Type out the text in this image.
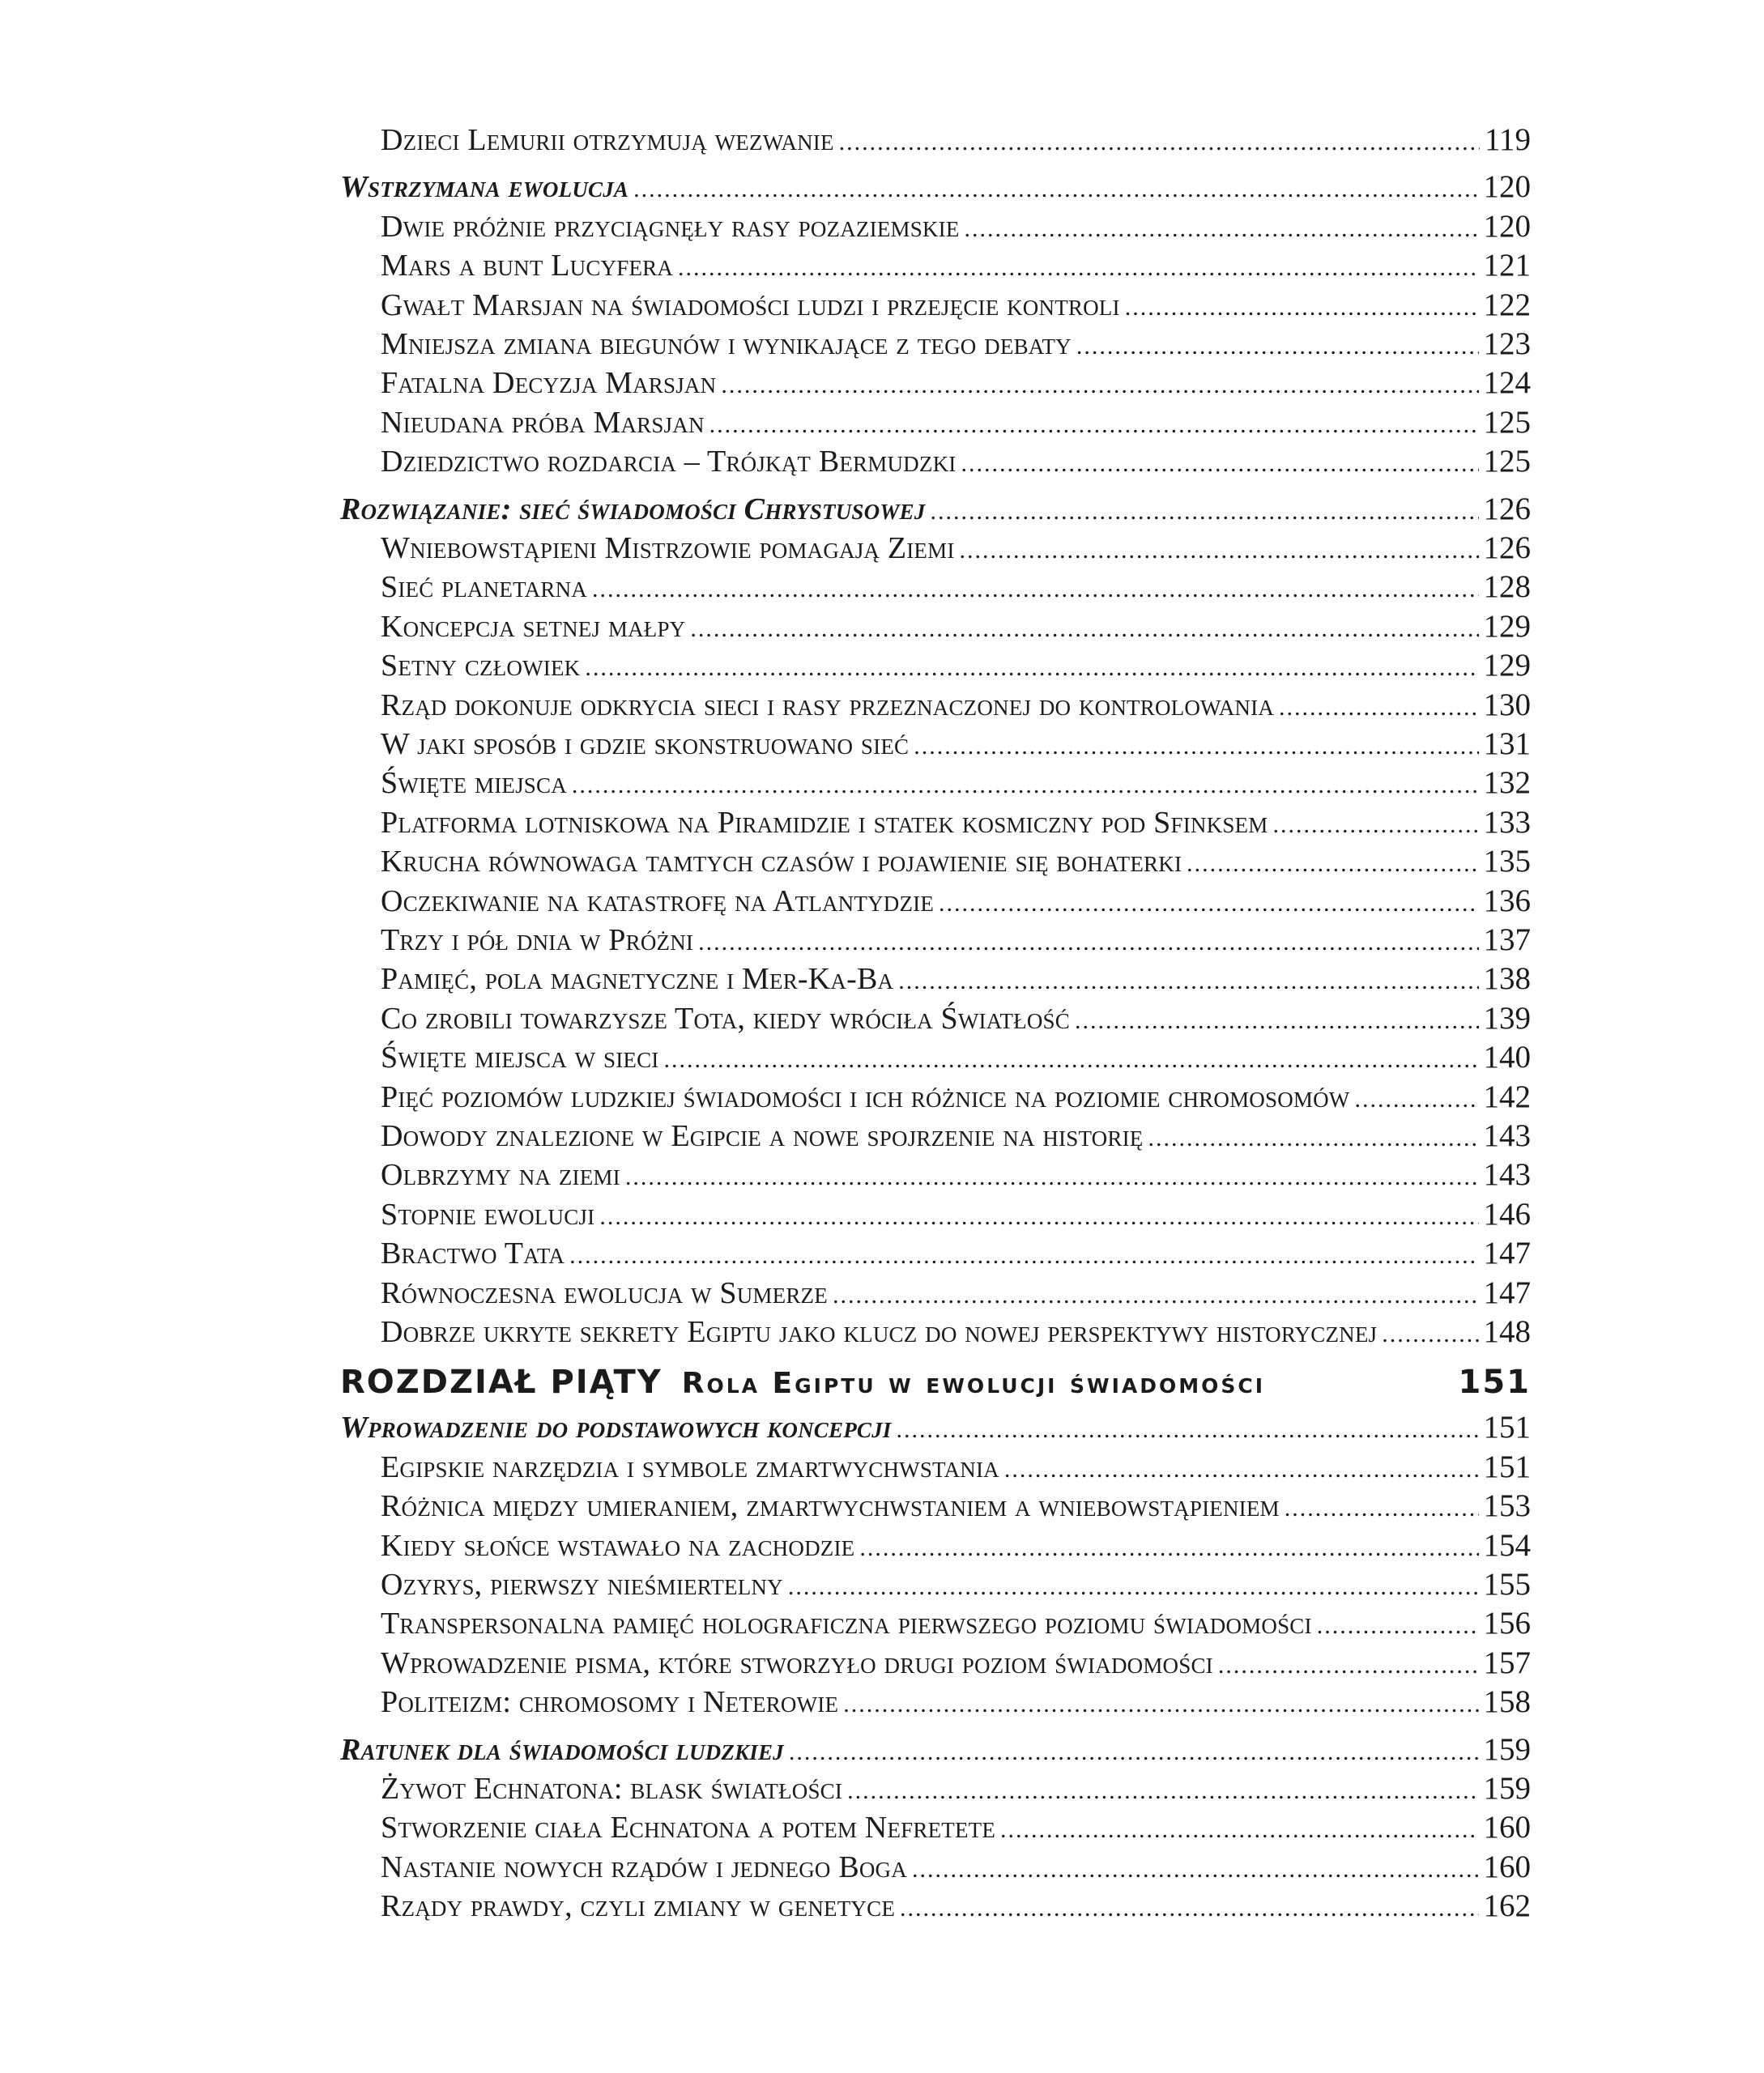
ROZDZIAŁ PIĄTY Rola Egiptu w ewolucji świadomości	151
Dzieci Lemurii otrzymują wezwanie .....	119
Wstrzymana ewolucja .....	120
Dwie próżnie przyciągnęły rasy pozaziemskie .....	120
Mars a bunt Lucyfera .....	121
Gwałt Marsjan na świadomości ludzi i przejęcie kontroli .....	122
Mniejsza zmiana biegunów i wynikające z tego debaty .....	123
Fatalna Decyzja Marsjan .....	124
Nieudana próba Marsjan .....	125
Dziedzictwo rozdarcia – Trójkąt Bermudzki .....	125
Rozwiązanie: sieć świadomości Chrystusowej .....	126
Wniebowstąpieni Mistrzowie pomagają Ziemi .....	126
Sieć planetarna .....	128
Koncepcja setnej małpy .....	129
Setny człowiek .....	129
Rząd dokonuje odkrycia sieci i rasy przeznaczonej do kontrolowania .....	130
W jaki sposób i gdzie skonstruowano sieć .....	131
Święte miejsca .....	132
Platforma lotniskowa na Piramidzie i statek kosmiczny pod Sfinksem .....	133
Krucha równowaga tamtych czasów i pojawienie się bohaterki .....	135
Oczekiwanie na katastrofę na Atlantydzie .....	136
Trzy i pół dnia w Próżni .....	137
Pamięć, pola magnetyczne i Mer-Ka-Ba .....	138
Co zrobili towarzysze Tota, kiedy wróciła Światłość .....	139
Święte miejsca w sieci .....	140
Pięć poziomów ludzkiej świadomości i ich różnice na poziomie chromosomów .....	142
Dowody znalezione w Egipcie a nowe spojrzenie na historię .....	143
Olbrzymy na ziemi .....	143
Stopnie ewolucji .....	146
Bractwo Tata .....	147
Równoczesna ewolucja w Sumerze .....	147
Dobrze ukryte sekrety Egiptu jako klucz do nowej perspektywy historycznej .....	148
Wprowadzenie do podstawowych koncepcji .....	151
Egipskie narzędzia i symbole zmartwychwstania .....	151
Różnica między umieraniem, zmartwychwstaniem a wniebowstąpieniem .....	153
Kiedy słońce wstawało na zachodzie .....	154
Ozyrys, pierwszy nieśmiertelny .....	155
Transpersonalna pamięć holograficzna pierwszego poziomu świadomości .....	156
Wprowadzenie pisma, które stworzyło drugi poziom świadomości .....	157
Politeizm: chromosomy i Neterowie .....	158
Ratunek dla świadomości ludzkiej .....	159
Żywot Echnatona: blask światłości .....	159
Stworzenie ciała Echnatona a potem Nefretete .....	160
Nastanie nowych rządów i jednego Boga .....	160
Rządy prawdy, czyli zmiany w genetyce .....	162
